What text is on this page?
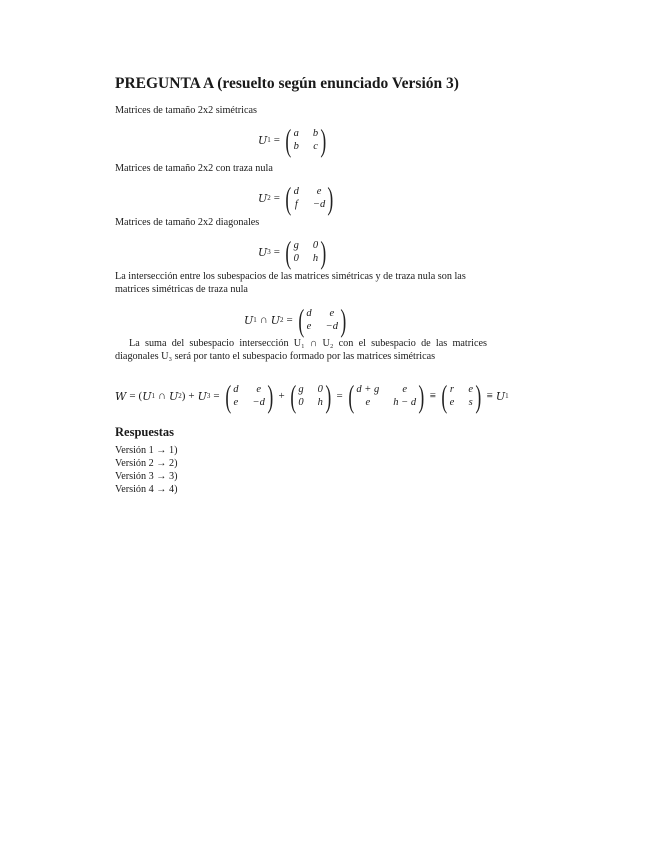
PREGUNTA A (resuelto según enunciado Versión 3)
Matrices de tamaño 2x2 simétricas
U 1 = ( a b
b c )
Matrices de tamaño 2x2 con traza nula
U 2 = ( d	e
f −d )
Matrices de tamaño 2x2 diagonales
U 3 = ( g 0
0 h )
La intersección entre los subespacios de las matrices simétricas y de traza nula son las matrices simétricas de traza nula
U 1 ∩ U 2 = ( d	e
e −d )
La suma del subespacio intersección U₁ ∩ U₂ con el subespacio de las matrices diagonales U₃ será por tanto el subespacio formado por las matrices simétricas
W = ( U 1 ∩ U 2 ) + U 3 = ( d	e
e −d ) + ( g 0
0 h ) = ( d + g	e
e	h − d ) ≡ ( r e
e s ) ≡ U 1
Respuestas
Versión 1 → 1)
Versión 2 → 2)
Versión 3 → 3)
Versión 4 → 4)
